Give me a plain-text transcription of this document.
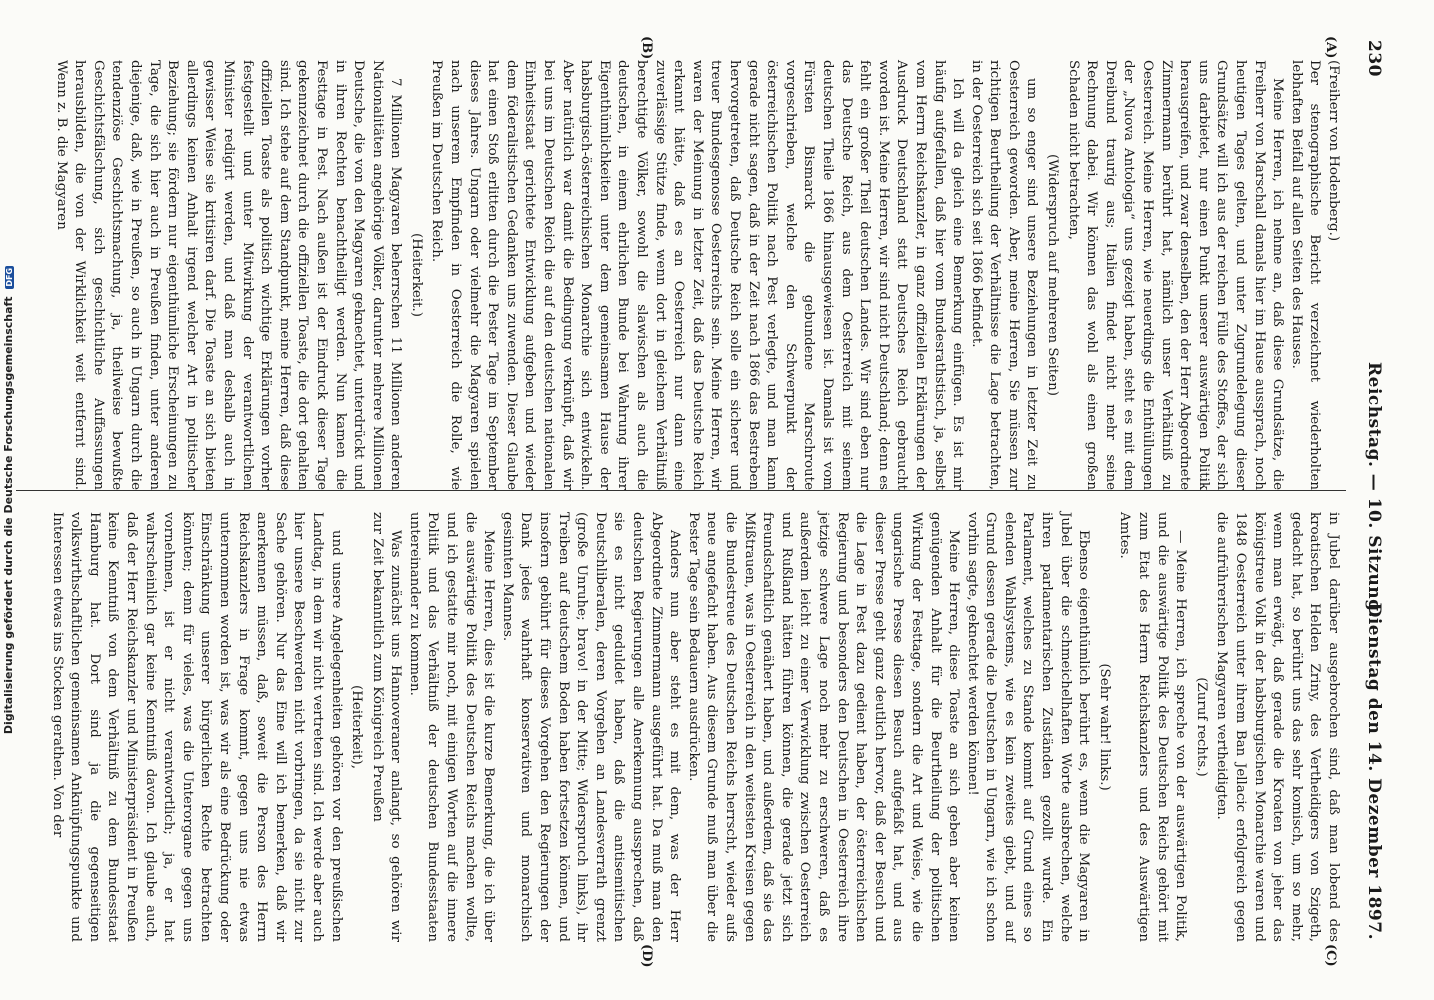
230
Reichstag. — 10. Sitzung.
Dienstag den 14. Dezember 1897.
(A)
(B)
(C)
(D)

(Freiherr von Hodenberg.)

Der stenographische Bericht verzeichnet wiederholten lebhaften Beifall auf allen Seiten des Hauses.

Meine Herren, ich nehme an, daß diese Grundsätze, die Freiherr von Marschall damals hier im Hause aussprach, noch heutigen Tages gelten, und unter Zugrundelegung dieser Grundsätze will ich aus der reichen Fülle des Stoffes, der sich uns darbietet, nur einen Punkt unserer auswärtigen Politik herausgreifen, und zwar denselben, den der Herr Abgeordnete Zimmermann berührt hat, nämlich unser Verhältniß zu Oesterreich. Meine Herren, wie neuerdings die Enthüllungen der „Nuova Antologia“ uns gezeigt haben, steht es mit dem Dreibund traurig aus; Italien findet nicht mehr seine Rechnung dabei. Wir können das wohl als einen großen Schaden nicht betrachten,

(Widerspruch auf mehreren Seiten)

um so enger sind unsere Beziehungen in letzter Zeit zu Oesterreich geworden. Aber, meine Herren, Sie müssen zur richtigen Beurtheilung der Verhältnisse die Lage betrachten, in der Oesterreich sich seit 1866 befindet.

Ich will da gleich eine Bemerkung einfügen. Es ist mir häufig aufgefallen, daß hier vom Bundesrathstisch, ja, selbst vom Herrn Reichskanzler, in ganz offiziellen Erklärungen der Ausdruck Deutschland statt Deutsches Reich gebraucht worden ist. Meine Herren, wir sind nicht Deutschland; denn es fehlt ein großer Theil deutschen Landes. Wir sind eben nur das Deutsche Reich, aus dem Oesterreich mit seinem deutschen Theile 1866 hinausgewiesen ist. Damals ist vom Fürsten Bismarck die gebundene Marschroute vorgeschrieben, welche den Schwerpunkt der österreichischen Politik nach Pest verlegte, und man kann gerade nicht sagen, daß in der Zeit nach 1866 das Bestreben hervorgetreten, daß Deutsche Reich solle ein sicherer und treuer Bundesgenosse Oesterreichs sein. Meine Herren, wir waren der Meinung in letzter Zeit, daß das Deutsche Reich erkannt hätte, daß es an Oesterreich nur dann eine zuverlässige Stütze finde, wenn dort in gleichem Verhältniß berechtigte Völker, sowohl die slawischen als auch die deutschen, in einem ehrlichen Bunde bei Wahrung ihrer Eigenthümlichkeiten unter dem gemeinsamen Hause der habsburgisch-österreichischen Monarchie sich entwickeln. Aber natürlich war damit die Bedingung verknüpft, daß wir bei uns im Deutschen Reich die auf den deutschen nationalen Einheitsstaat gerichtete Entwicklung aufgeben und wieder dem föderalistischen Gedanken uns zuwenden. Dieser Glaube hat einen Stoß erlitten durch die Pester Tage im September dieses Jahres. Ungarn oder vielmehr die Magyaren spielen nach unserem Empfinden in Oesterreich die Rolle, wie Preußen im Deutschen Reich.

(Heiterkeit.)

7 Millionen Magyaren beherrschen 11 Millionen anderen Nationalitäten angehörige Völker, darunter mehrere Millionen Deutsche, die von den Magyaren geknechtet, unterdrückt und in ihren Rechten benachtheiligt werden. Nun kamen die Festtage in Pest. Nach außen ist der Eindruck dieser Tage gekennzeichnet durch die offiziellen Toaste, die dort gehalten sind. Ich stehe auf dem Standpunkt, meine Herren, daß diese offiziellen Toaste als politisch wichtige Erklärungen vorher festgestellt und unter Mitwirkung der verantwortlichen Minister redigirt werden, und daß man deshalb auch in gewisser Weise sie kritisiren darf. Die Toaste an sich bieten allerdings keinen Anhalt irgend welcher Art in politischer Beziehung; sie fördern nur eigenthümliche Erscheinungen zu Tage, die sich hier auch in Preußen finden, unter anderen diejenige, daß, wie in Preußen, so auch in Ungarn durch die tendenziöse Geschichtsmachung, ja, theilweise bewußte Geschichtsfälschung, sich geschichtliche Auffassungen herausbilden, die von der Wirklichkeit weit entfernt sind. Wenn z. B. die Magyaren

in Jubel darüber ausgebrochen sind, daß man lobend des kroatischen Helden Zriny, des Vertheidigers von Szigeth, gedacht hat, so berührt uns das sehr komisch, um so mehr, wenn man erwägt, daß gerade die Kroaten von jeher das königstreue Volk in der habsburgischen Monarchie waren und 1848 Oesterreich unter ihrem Ban Jellacic erfolgreich gegen die aufrührerischen Magyaren vertheidigten.

(Zuruf rechts.)

— Meine Herren, ich spreche von der auswärtigen Politik, und die auswärtige Politik des Deutschen Reichs gehört mit zum Etat des Herrn Reichskanzlers und des Auswärtigen Amtes.

(Sehr wahr! links.)

Ebenso eigenthümlich berührt es, wenn die Magyaren in Jubel über die schmeichelhaften Worte ausbrechen, welche ihren parlamentarischen Zuständen gezollt wurde. Ein Parlament, welches zu Stande kommt auf Grund eines so elenden Wahlsystems, wie es kein zweites giebt, und auf Grund dessen gerade die Deutschen in Ungarn, wie ich schon vorhin sagte, geknechtet werden können!

Meine Herren, diese Toaste an sich geben aber keinen genügenden Anhalt für die Beurtheilung der politischen Wirkung der Festtage, sondern die Art und Weise, wie die ungarische Presse diesen Besuch aufgefaßt hat, und aus dieser Presse geht ganz deutlich hervor, daß der Besuch und die Lage in Pest dazu gedient haben, der österreichischen Regierung und besonders den Deutschen in Oesterreich ihre jetzige schwere Lage noch mehr zu erschweren, daß es außerdem leicht zu einer Verwicklung zwischen Oesterreich und Rußland hätten führen können, die gerade jetzt sich freundschaftlich genähert haben, und außerdem, daß sie das Mißtrauen, was in Oesterreich in den weitesten Kreisen gegen die Bundestreue des Deutschen Reichs herrscht, wieder aufs neue angefacht haben. Aus diesem Grunde muß man über die Pester Tage sein Bedauern ausdrücken.

Anders nun aber steht es mit dem, was der Herr Abgeordnete Zimmermann ausgeführt hat. Da muß man den deutschen Regierungen alle Anerkennung aussprechen, daß sie es nicht geduldet haben, daß die antisemitischen Deutschliberalen, deren Vorgehen an Landesverrath grenzt (große Unruhe; bravo! in der Mitte; Widerspruch links), ihr Treiben auf deutschem Boden haben fortsetzen können, und insofern gebührt für dieses Vorgehen den Regierungen der Dank jedes wahrhaft konservativen und monarchisch gesinnten Mannes.

Meine Herren, dies ist die kurze Bemerkung, die ich über die auswärtige Politik des Deutschen Reichs machen wollte, und ich gestatte mir noch, mit einigen Worten auf die innere Politik und das Verhältniß der deutschen Bundesstaaten untereinander zu kommen.

Was zunächst uns Hannoveraner anlangt, so gehören wir zur Zeit bekanntlich zum Königreich Preußen

(Heiterkeit),

und unsere Angelegenheiten gehören vor den preußischen Landtag, in dem wir nicht vertreten sind. Ich werde aber auch hier unsere Beschwerden nicht vorbringen, da sie nicht zur Sache gehören. Nur das Eine will ich bemerken, daß wir anerkennen müssen, daß, soweit die Person des Herrn Reichskanzlers in Frage kommt, gegen uns nie etwas unternommen worden ist, was wir als eine Bedrückung oder Einschränkung unserer bürgerlichen Rechte betrachten könnten; denn für vieles, was die Unterorgane gegen uns vornehmen, ist er nicht verantwortlich; ja, er hat wahrscheinlich gar keine Kenntniß davon. Ich glaube auch, daß der Herr Reichskanzler und Ministerpräsident in Preußen keine Kenntniß von dem Verhältniß zu dem Bundesstaat Hamburg hat. Dort sind ja die gegenseitigen volkswirthschaftlichen gemeinsamen Anknüpfungspunkte und Interessen etwas ins Stocken gerathen. Von der

Digitalisierung gefördert durch die Deutsche Forschungsgemeinschaft DFG
